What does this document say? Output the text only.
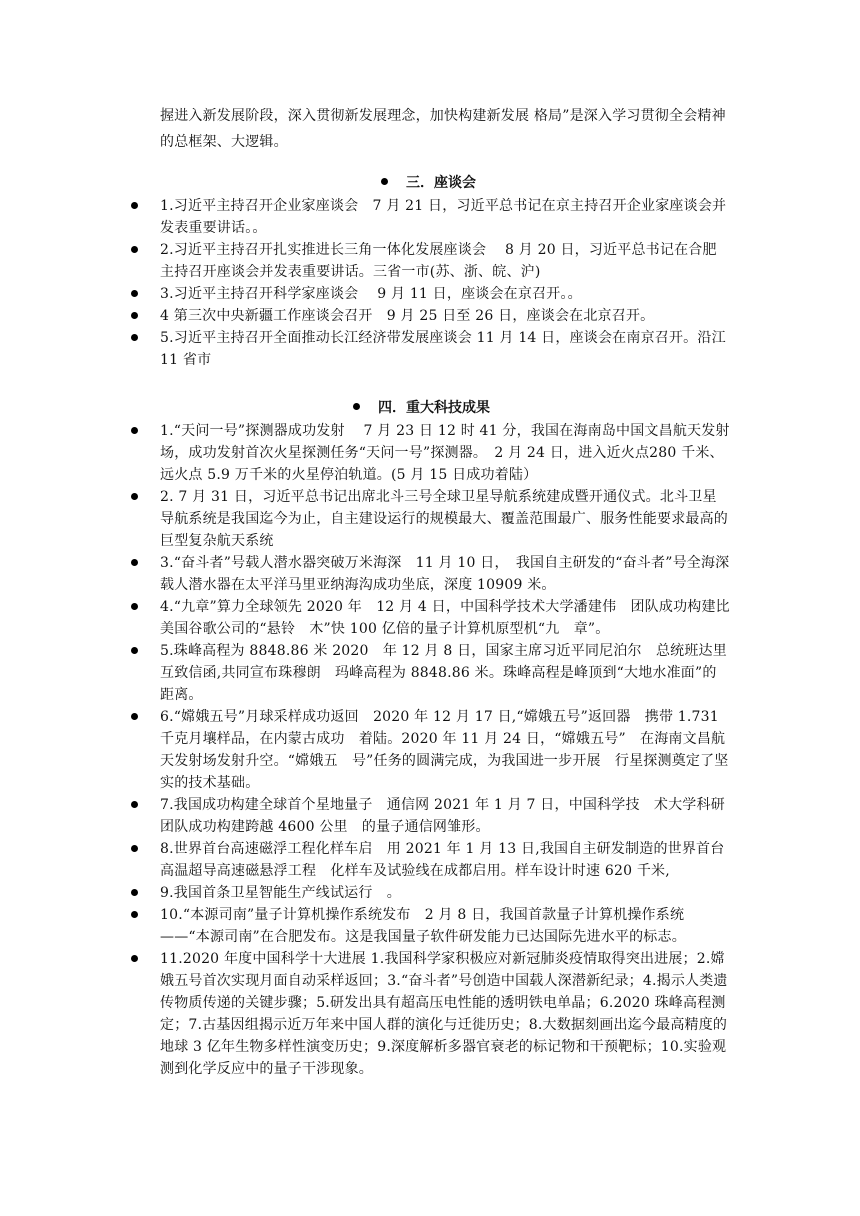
握进入新发展阶段，深入贯彻新发展理念，加快构建新发展 格局”是深入学习贯彻全会精神的总框架、大逻辑。

三．座谈会
1.习近平主持召开企业家座谈会　7 月 21 日，习近平总书记在京主持召开企业家座谈会并发表重要讲话。。
2.习近平主持召开扎实推进长三角一体化发展座谈会　 8 月 20 日，习近平总书记在合肥主持召开座谈会并发表重要讲话。三省一市(苏、浙、皖、沪)
3.习近平主持召开科学家座谈会　 9 月 11 日，座谈会在京召开。。
4 第三次中央新疆工作座谈会召开　9 月 25 日至 26 日，座谈会在北京召开。
5.习近平主持召开全面推动长江经济带发展座谈会 11 月 14 日，座谈会在南京召开。沿江 11 省市
四．重大科技成果
1.“天问一号”探测器成功发射　 7 月 23 日 12 时 41 分，我国在海南岛中国文昌航天发射场，成功发射首次火星探测任务“天问一号”探测器。　2 月 24 日，进入近火点280 千米、远火点 5.9 万千米的火星停泊轨道。(5 月 15 日成功着陆）
2. 7 月 31 日，习近平总书记出席北斗三号全球卫星导航系统建成暨开通仪式。北斗卫星导航系统是我国迄今为止，自主建设运行的规模最大、覆盖范围最广、服务性能要求最高的巨型复杂航天系统
3.“奋斗者”号载人潜水器突破万米海深　11 月 10 日，　我国自主研发的“奋斗者”号全海深载人潜水器在太平洋马里亚纳海沟成功坐底，深度 10909 米。
4.“九章”算力全球领先 2020 年　12 月 4 日，中国科学技术大学潘建伟　团队成功构建比美国谷歌公司的“悬铃　木”快 100 亿倍的量子计算机原型机“九　章”。
5.珠峰高程为 8848.86 米 2020　年 12 月 8 日，国家主席习近平同尼泊尔　总统班达里互致信函,共同宣布珠穆朗　玛峰高程为 8848.86 米。珠峰高程是峰顶到“大地水准面”的距离。
6.“嫦娥五号”月球采样成功返回　2020 年 12 月 17 日,“嫦娥五号”返回器　携带 1.731千克月壤样品，在内蒙古成功　着陆。2020 年 11 月 24 日，“嫦娥五号”　在海南文昌航天发射场发射升空。“嫦娥五　号”任务的圆满完成，为我国进一步开展　行星探测奠定了坚实的技术基础。
7.我国成功构建全球首个星地量子　通信网 2021 年 1 月 7 日，中国科学技　术大学科研团队成功构建跨越 4600 公里　的量子通信网雏形。
8.世界首台高速磁浮工程化样车启　用 2021 年 1 月 13 日,我国自主研发制造的世界首台高温超导高速磁悬浮工程　化样车及试验线在成都启用。样车设计时速 620 千米,
9.我国首条卫星智能生产线试运行　。
10.“本源司南”量子计算机操作系统发布　2 月 8 日，我国首款量子计算机操作系统——“本源司南”在合肥发布。这是我国量子软件研发能力已达国际先进水平的标志。
11.2020 年度中国科学十大进展 1.我国科学家积极应对新冠肺炎疫情取得突出进展；2.嫦娥五号首次实现月面自动采样返回；3.“奋斗者”号创造中国载人深潜新纪录；4.揭示人类遗传物质传递的关键步骤；5.研发出具有超高压电性能的透明铁电单晶；6.2020 珠峰高程测定；7.古基因组揭示近万年来中国人群的演化与迁徙历史；8.大数据刻画出迄今最高精度的地球 3 亿年生物多样性演变历史；9.深度解析多器官衰老的标记物和干预靶标；10.实验观测到化学反应中的量子干涉现象。
